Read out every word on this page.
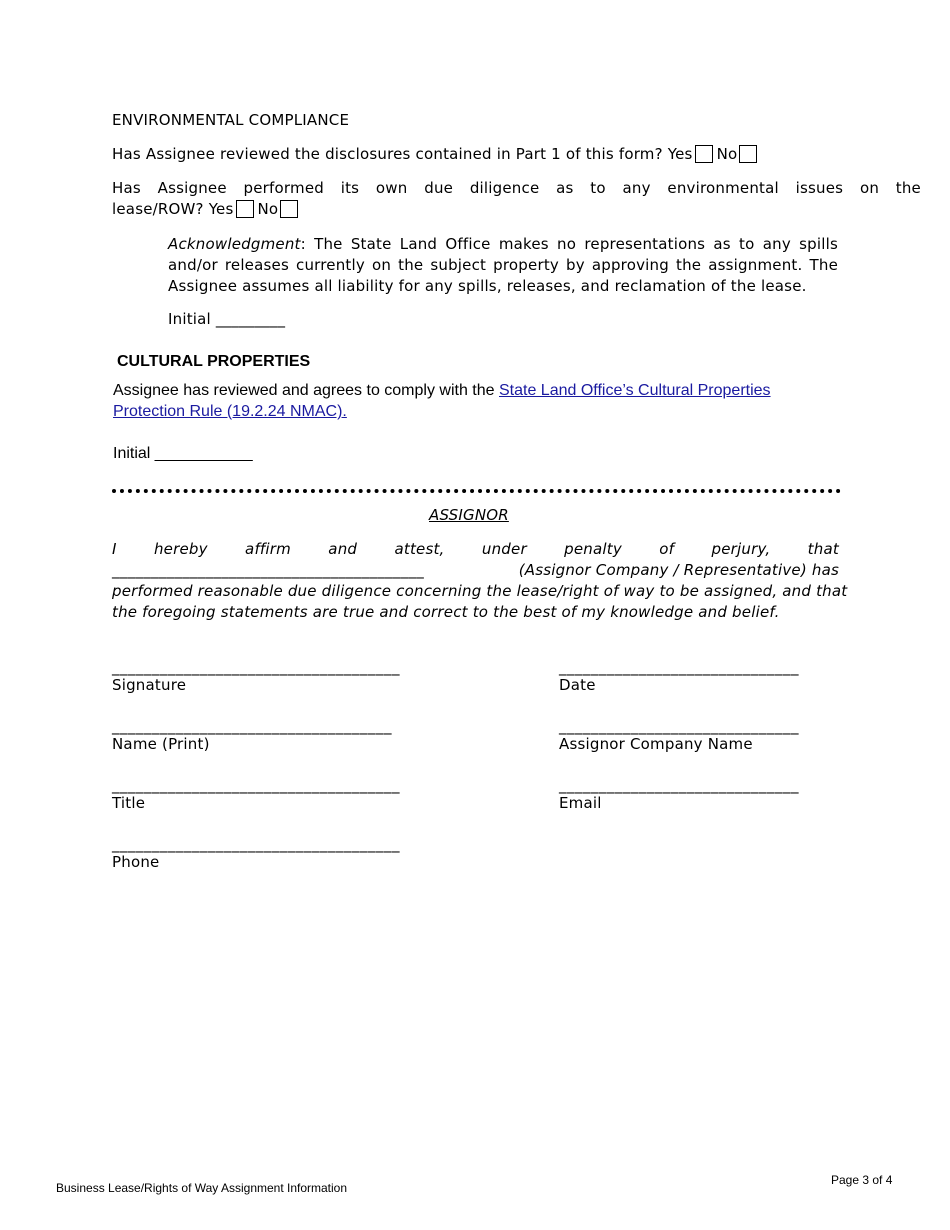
ENVIRONMENTAL COMPLIANCE
Has Assignee reviewed the disclosures contained in Part 1 of this form? Yes No
Has Assignee performed its own due diligence as to any environmental issues on the
lease/ROW? Yes No
Acknowledgment: The State Land Office makes no representations as to any spills and/or releases currently on the subject property by approving the assignment. The Assignee assumes all liability for any spills, releases, and reclamation of the lease.
Initial _________
CULTURAL PROPERTIES
Assignee has reviewed and agrees to comply with the State Land Office’s Cultural Properties Protection Rule (19.2.24 NMAC).
Initial ___________
ASSIGNOR
I hereby affirm and attest, under penalty of perjury, that
________________________________________	(Assignor Company / Representative) has
performed reasonable due diligence concerning the lease/right of way to be assigned, and that
the foregoing statements are true and correct to the best of my knowledge and belief.
____________________________________
Signature
___________________________________
Name (Print)
____________________________________
Title
____________________________________
Phone
______________________________
Date
______________________________
Assignor Company Name
______________________________
Email
Page 3 of 4
Business Lease/Rights of Way Assignment Information
